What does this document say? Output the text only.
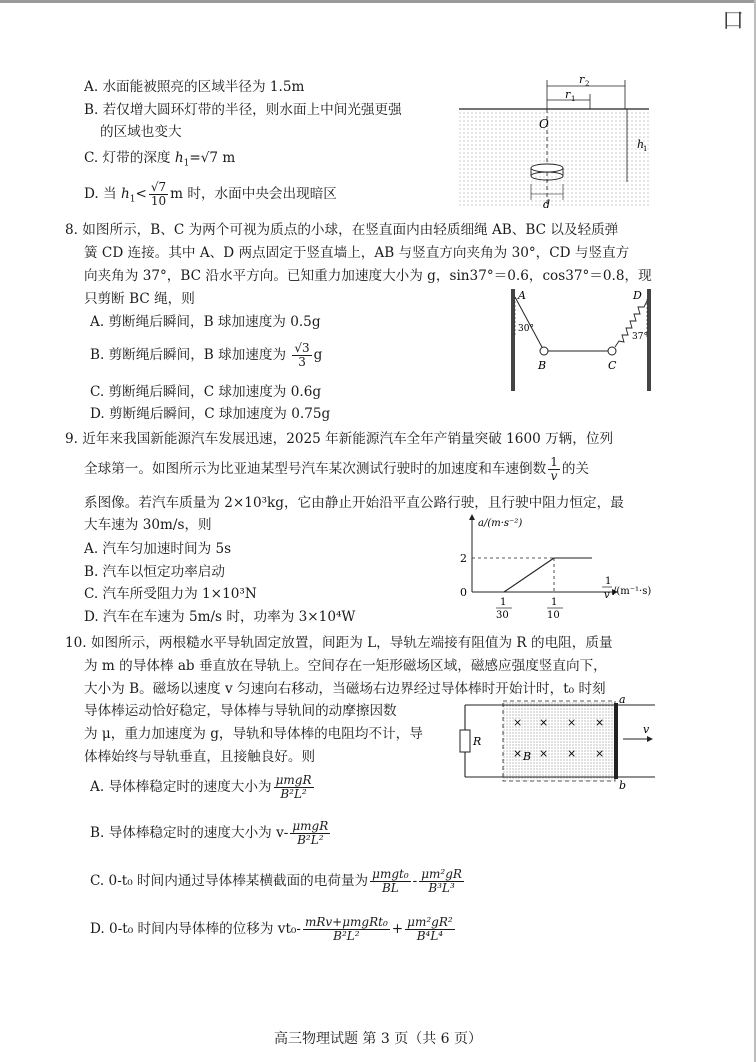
口
A. 水面能被照亮的区域半径为 1.5m
B. 若仅增大圆环灯带的半径，则水面上中间光强更强
的区域也变大
C. 灯带的深度 $h_1=√7$ m
D. 当 $h_1< \frac{√7}{10}$ m 时，水面中央会出现暗区
r 2
r 1
O
h
1
d
8. 如图所示，B、C 为两个可视为质点的小球，在竖直面内由轻质细绳 AB、BC 以及轻质弹
簧 CD 连接。其中 A、D 两点固定于竖直墙上，AB 与竖直方向夹角为 30°，CD 与竖直方
向夹角为 37°，BC 沿水平方向。已知重力加速度大小为 g，sin37°＝0.6，cos37°＝0.8，现
只剪断 BC 绳，则
A. 剪断绳后瞬间，B 球加速度为 0.5g
B. 剪断绳后瞬间，B 球加速度为 $\frac{√3}{3}$ g
C. 剪断绳后瞬间，C 球加速度为 0.6g
D. 剪断绳后瞬间，C 球加速度为 0.75g
30°
A	D
37°
B	C
9. 近年来我国新能源汽车发展迅速，2025 年新能源汽车全年产销量突破 1600 万辆，位列
全球第一。如图所示为比亚迪某型号汽车某次测试行驶时的加速度和车速倒数 $\frac{1}{v}$ 的关
系图像。若汽车质量为 2×10³kg，它由静止开始沿平直公路行驶，且行驶中阻力恒定，最
大车速为 30m/s，则
A. 汽车匀加速时间为 5s
B. 汽车以恒定功率启动
C. 汽车所受阻力为 1×10³N
D. 汽车在车速为 5m/s 时，功率为 3×10⁴W
a/(m·s⁻²)
2
0
1
30
1
10
1
v /(m⁻¹·s)
10. 如图所示，两根糙水平导轨固定放置，间距为 L，导轨左端接有阻值为 R 的电阻，质量
为 m 的导体棒 ab 垂直放在导轨上。空间存在一矩形磁场区域，磁感应强度竖直向下，
大小为 B。磁场以速度 v 匀速向右移动，当磁场右边界经过导体棒时开始计时，t₀ 时刻
导体棒运动恰好稳定，导体棒与导轨间的动摩擦因数
为 μ，重力加速度为 g，导轨和导体棒的电阻均不计，导
体棒始终与导轨垂直，且接触良好。则
A. 导体棒稳定时的速度大小为 $\frac{\text{μmgR}}{\text{B²L²}}$
B. 导体棒稳定时的速度大小为 $v- \frac{\text{μmgR}}{\text{B²L²}}$
C. 0-t₀ 时间内通过导体棒某横截面的电荷量为 $\frac{\text{μmgt₀}}{BL} - \frac{\text{μm²gR}}{\text{B³L³}}$
D. 0-t₀ 时间内导体棒的位移为 $vt_0- \frac{\text{mRv+μmgRt₀}}{\text{B²L²}} + \frac{\text{μm²gR²}}{\text{B⁴L⁴}}$
R
× × × ×
× B × × ×
a
b
v
高三物理试题 第 3 页（共 6 页）
